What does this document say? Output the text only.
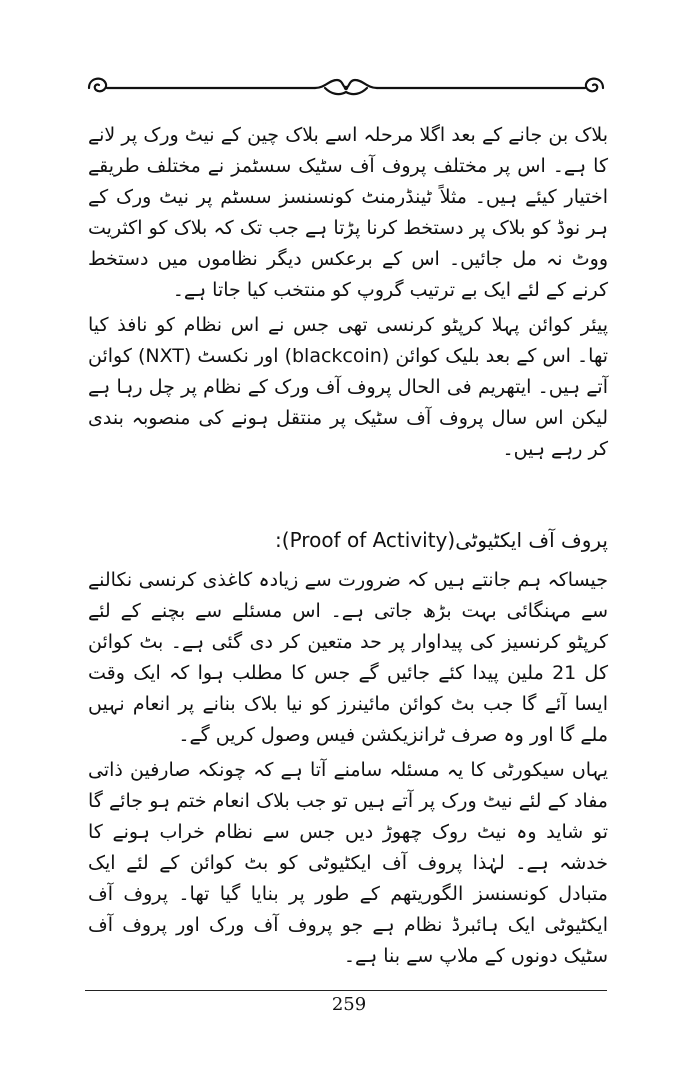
بلاک بن جانے کے بعد اگلا مرحلہ اسے بلاک چین کے نیٹ ورک پر لانے کا ہے۔ اس پر مختلف پروف آف سٹیک سسٹمز نے مختلف طریقے اختیار کیئے ہیں۔ مثلاً ٹینڈرمنٹ کونسنسز سسٹم پر نیٹ ورک کے ہر نوڈ کو بلاک پر دستخط کرنا پڑتا ہے جب تک کہ بلاک کو اکثریت ووٹ نہ مل جائیں۔ اس کے برعکس دیگر نظاموں میں دستخط کرنے کے لئے ایک بے ترتیب گروپ کو منتخب کیا جاتا ہے۔

پیئر کوائن پہلا کرپٹو کرنسی تھی جس نے اس نظام کو نافذ کیا تھا۔ اس کے بعد بلیک کوائن (blackcoin) اور نکسٹ (NXT) کوائن آتے ہیں۔ ایتھریم فی الحال پروف آف ورک کے نظام پر چل رہا ہے لیکن اس سال پروف آف سٹیک پر منتقل ہونے کی منصوبہ بندی کر رہے ہیں۔

پروف آف ایکٹیوٹی(Proof of Activity):

جیساکہ ہم جانتے ہیں کہ ضرورت سے زیادہ کاغذی کرنسی نکالنے سے مہنگائی بہت بڑھ جاتی ہے۔ اس مسئلے سے بچنے کے لئے کرپٹو کرنسیز کی پیداوار پر حد متعین کر دی گئی ہے۔ بٹ کوائن کل 21 ملین پیدا کئے جائیں گے جس کا مطلب ہوا کہ ایک وقت ایسا آئے گا جب بٹ کوائن مائینرز کو نیا بلاک بنانے پر انعام نہیں ملے گا اور وہ صرف ٹرانزیکشن فیس وصول کریں گے۔

یہاں سیکورٹی کا یہ مسئلہ سامنے آتا ہے کہ چونکہ صارفین ذاتی مفاد کے لئے نیٹ ورک پر آتے ہیں تو جب بلاک انعام ختم ہو جائے گا تو شاید وہ نیٹ روک چھوڑ دیں جس سے نظام خراب ہونے کا خدشہ ہے۔ لہٰذا پروف آف ایکٹیوٹی کو بٹ کوائن کے لئے ایک متبادل کونسنسز الگوریتھم کے طور پر بنایا گیا تھا۔ پروف آف ایکٹیوٹی ایک ہائبرڈ نظام ہے جو پروف آف ورک اور پروف آف سٹیک دونوں کے ملاپ سے بنا ہے۔

259
